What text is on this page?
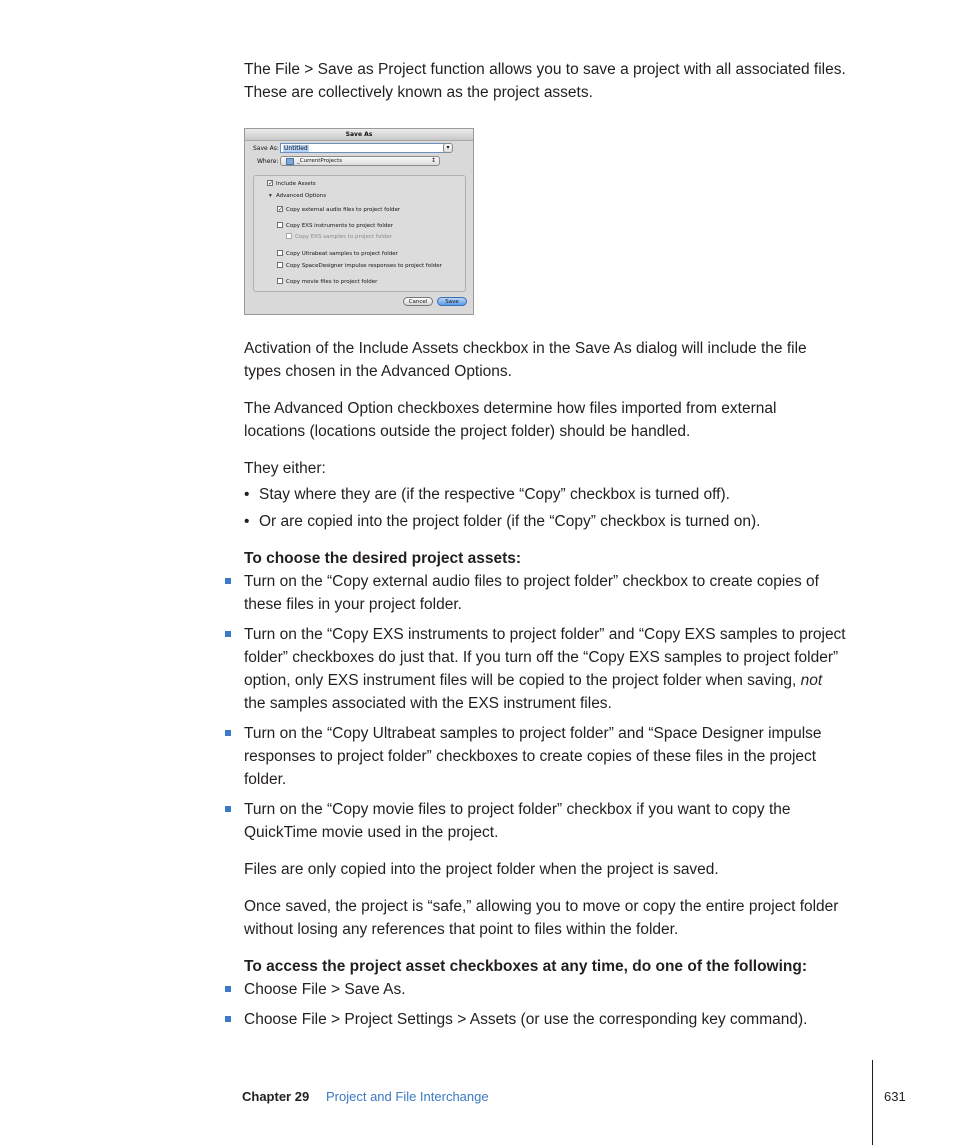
The File > Save as Project function allows you to save a project with all associated files.

These are collectively known as the project assets.

Save As
Save As: Untitled	▾
Where:	_CurrentProjects	↕
✓ Include Assets
▾ Advanced Options
✓ Copy external audio files to project folder
Copy EXS instruments to project folder
Copy EXS samples to project folder
Copy Ultrabeat samples to project folder
Copy SpaceDesigner impulse responses to project folder
Copy movie files to project folder
Cancel	Save

Activation of the Include Assets checkbox in the Save As dialog will include the file

types chosen in the Advanced Options.

The Advanced Option checkboxes determine how files imported from external

locations (locations outside the project folder) should be handled.

They either:

• Stay where they are (if the respective “Copy” checkbox is turned off).
• Or are copied into the project folder (if the “Copy” checkbox is turned on).

To choose the desired project assets:

Turn on the “Copy external audio files to project folder” checkbox to create copies of
these files in your project folder.
Turn on the “Copy EXS instruments to project folder” and “Copy EXS samples to project
folder” checkboxes do just that. If you turn off the “Copy EXS samples to project folder”
option, only EXS instrument files will be copied to the project folder when saving, not
the samples associated with the EXS instrument files.
Turn on the “Copy Ultrabeat samples to project folder” and “Space Designer impulse
responses to project folder” checkboxes to create copies of these files in the project
folder.
Turn on the “Copy movie files to project folder” checkbox if you want to copy the
QuickTime movie used in the project.

Files are only copied into the project folder when the project is saved.

Once saved, the project is “safe,” allowing you to move or copy the entire project folder

without losing any references that point to files within the folder.

To access the project asset checkboxes at any time, do one of the following:

Choose File > Save As.
Choose File > Project Settings > Assets (or use the corresponding key command).
Chapter 29 Project and File Interchange	631
